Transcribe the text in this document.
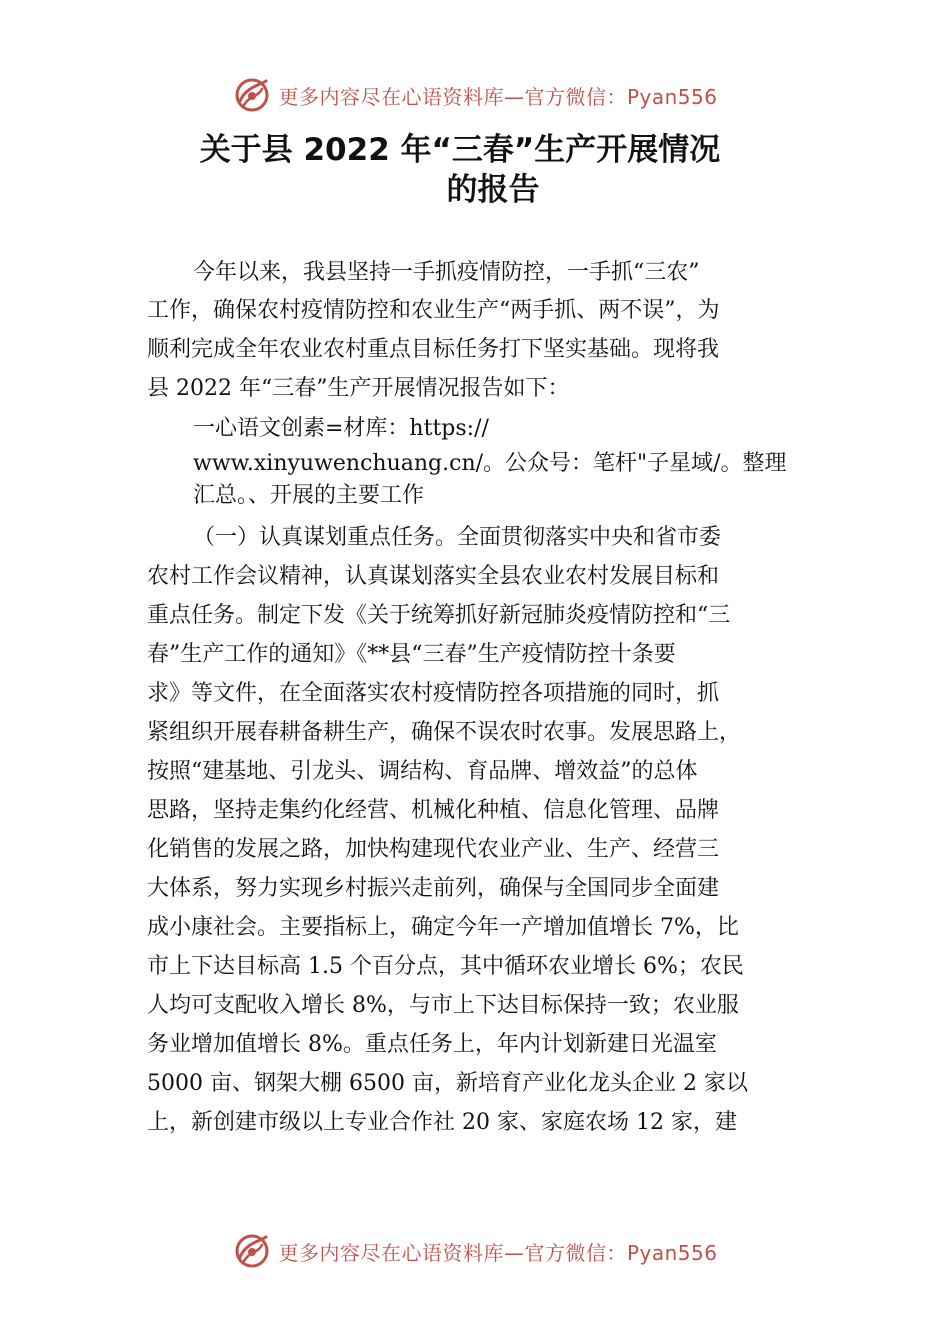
更多内容尽在心语资料库—官方微信：Pyan556
关于县 2022 年“三春”生产开展情况
的报告
今年以来，我县坚持一手抓疫情防控，一手抓“三农”
工作，确保农村疫情防控和农业生产“两手抓、两不误”，为
顺利完成全年农业农村重点目标任务打下坚实基础。现将我
县 2022 年“三春”生产开展情况报告如下：
一心语文创素=材库：https://
www.xinyuwenchuang.cn/。公众号：笔杆"子星域/。整理
汇总。、开展的主要工作
（一）认真谋划重点任务。全面贯彻落实中央和省市委
农村工作会议精神，认真谋划落实全县农业农村发展目标和
重点任务。制定下发《关于统筹抓好新冠肺炎疫情防控和“三
春”生产工作的通知》《**县“三春”生产疫情防控十条要
求》等文件，在全面落实农村疫情防控各项措施的同时，抓
紧组织开展春耕备耕生产，确保不误农时农事。发展思路上，
按照“建基地、引龙头、调结构、育品牌、增效益”的总体
思路，坚持走集约化经营、机械化种植、信息化管理、品牌
化销售的发展之路，加快构建现代农业产业、生产、经营三
大体系，努力实现乡村振兴走前列，确保与全国同步全面建
成小康社会。主要指标上，确定今年一产增加值增长 7%，比
市上下达目标高 1.5 个百分点，其中循环农业增长 6%；农民
人均可支配收入增长 8%，与市上下达目标保持一致；农业服
务业增加值增长 8%。重点任务上，年内计划新建日光温室
5000 亩、钢架大棚 6500 亩，新培育产业化龙头企业 2 家以
上，新创建市级以上专业合作社 20 家、家庭农场 12 家，建
更多内容尽在心语资料库—官方微信：Pyan556
